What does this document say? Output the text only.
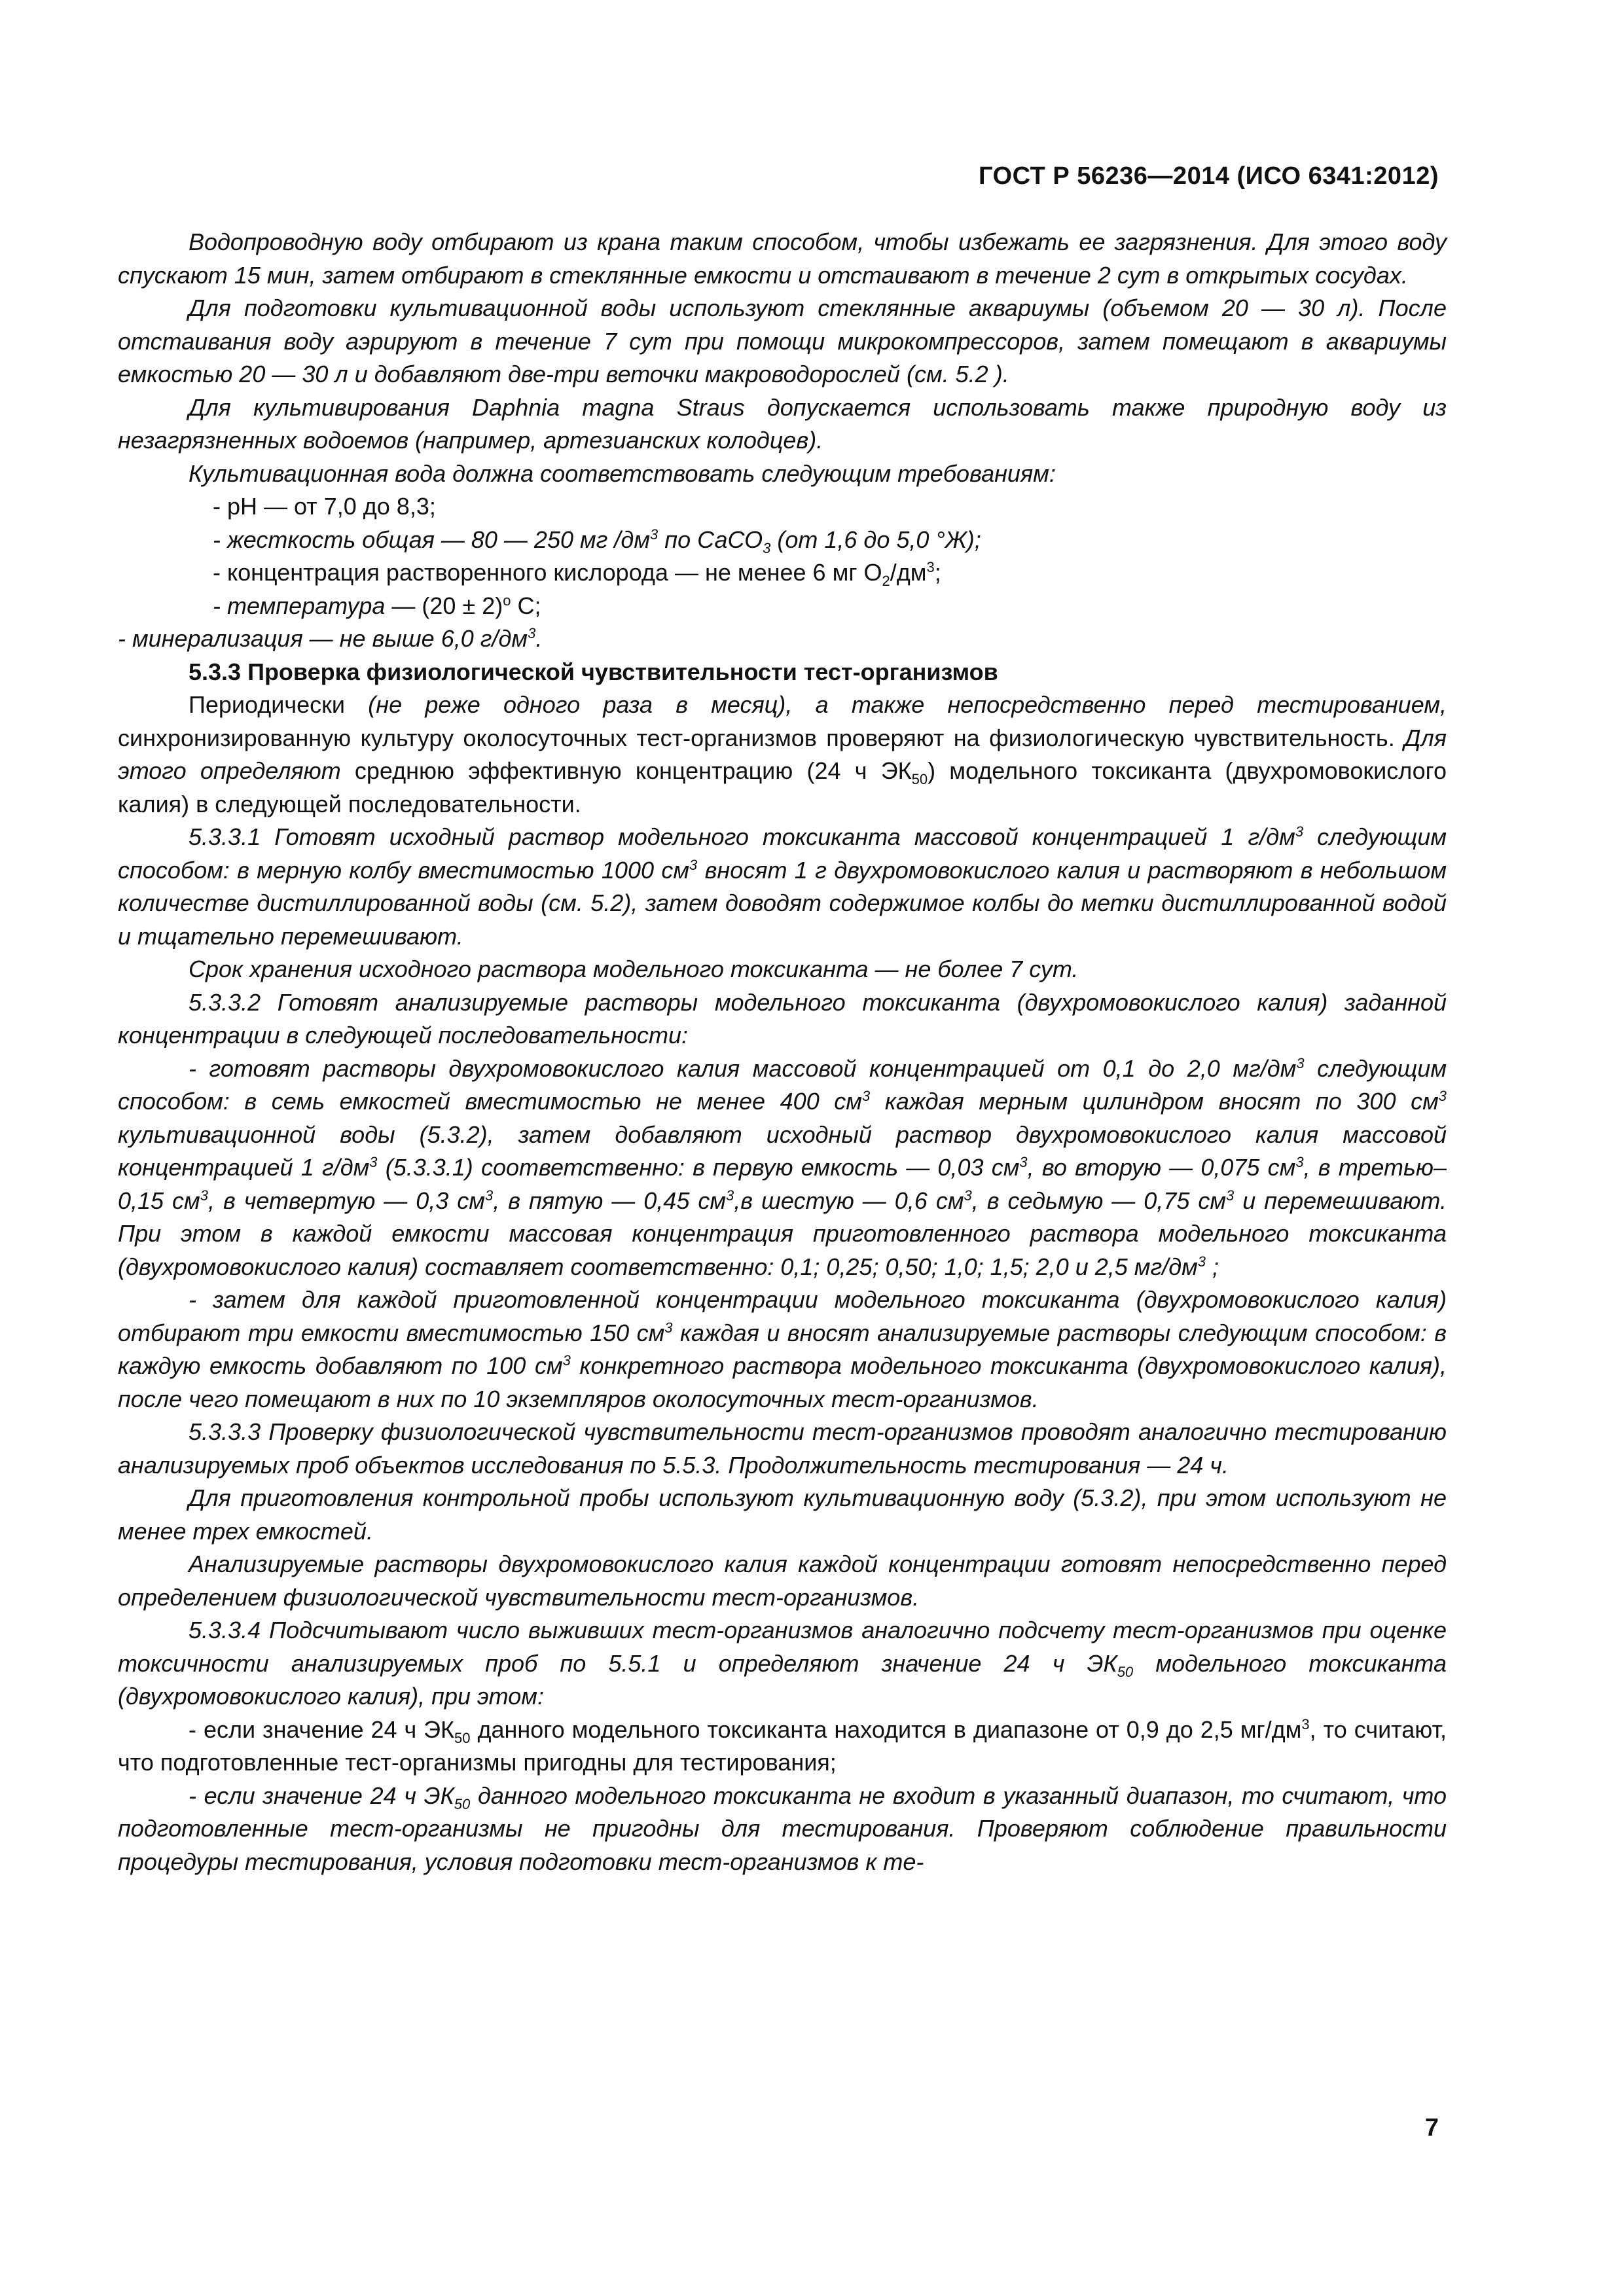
ГОСТ Р 56236—2014 (ИСО 6341:2012)

Водопроводную воду отбирают из крана таким способом, чтобы избежать ее загрязнения. Для этого воду спускают 15 мин, затем отбирают в стеклянные емкости и отстаивают в течение 2 сут в открытых сосудах.

Для подготовки культивационной воды используют стеклянные аквариумы (объемом 20 — 30 л). После отстаивания воду аэрируют в течение 7 сут при помощи микрокомпрессоров, затем помещают в аквариумы емкостью 20 — 30 л и добавляют две-три веточки макроводорослей (см. 5.2 ).

Для культивирования Daphnia magna Straus допускается использовать также природную воду из незагрязненных водоемов (например, артезианских колодцев).

Культивационная вода должна соответствовать следующим требованиям:

- pH — от 7,0 до 8,3;

- жесткость общая — 80 — 250 мг $/дм^3$ по СаСО$_3$ (от 1,6 до 5,0 °Ж);

- концентрация растворенного кислорода — не менее 6 мг $О_2/дм^3$;

- температура — $(20 \pm 2)^о$ С;

- минерализация — не выше 6,0 $г/дм^3$.

5.3.3 Проверка физиологической чувствительности тест-организмов

Периодически (не реже одного раза в месяц), а также непосредственно перед тестированием, синхронизированную культуру околосуточных тест-организмов проверяют на физиологическую чувствительность. Для этого определяют среднюю эффективную концентрацию (24 ч $ЭК_{50}$) модельного токсиканта (двухромовокислого калия) в следующей последовательности.

5.3.3.1 Готовят исходный раствор модельного токсиканта массовой концентрацией 1 $г/дм^3$ следующим способом: в мерную колбу вместимостью 1000 $см^3$ вносят 1 г двухромовокислого калия и растворяют в небольшом количестве дистиллированной воды (см. 5.2), затем доводят содержимое колбы до метки дистиллированной водой и тщательно перемешивают.

Срок хранения исходного раствора модельного токсиканта — не более 7 сут.

5.3.3.2 Готовят анализируемые растворы модельного токсиканта (двухромовокислого калия) заданной концентрации в следующей последовательности:

- готовят растворы двухромовокислого калия массовой концентрацией от 0,1 до 2,0 $мг/дм^3$ следующим способом: в семь емкостей вместимостью не менее 400 $см^3$ каждая мерным цилиндром вносят по 300 $см^3$ культивационной воды (5.3.2), затем добавляют исходный раствор двухромовокислого калия массовой концентрацией 1 $г/дм^3$ (5.3.3.1) соответственно: в первую емкость — 0,03 $см^3$, во вторую — 0,075 $см^3$, в третью– 0,15 $см^3$, в четвертую — 0,3 $см^3$, в пятую — 0,45 $см^3,в$ шестую — 0,6 $см^3$, в седьмую — 0,75 $см^3$ и перемешивают. При этом в каждой емкости массовая концентрация приготовленного раствора модельного токсиканта (двухромовокислого калия) составляет соответственно: 0,1; 0,25; 0,50; 1,0; 1,5; 2,0 и 2,5 $мг/дм^3$ ;

- затем для каждой приготовленной концентрации модельного токсиканта (двухромовокислого калия) отбирают три емкости вместимостью 150 $см^3$ каждая и вносят анализируемые растворы следующим способом: в каждую емкость добавляют по 100 $см^3$ конкретного раствора модельного токсиканта (двухромовокислого калия), после чего помещают в них по 10 экземпляров околосуточных тест-организмов.

5.3.3.3 Проверку физиологической чувствительности тест-организмов проводят аналогично тестированию анализируемых проб объектов исследования по 5.5.3. Продолжительность тестирования — 24 ч.

Для приготовления контрольной пробы используют культивационную воду (5.3.2), при этом используют не менее трех емкостей.

Анализируемые растворы двухромовокислого калия каждой концентрации готовят непосредственно перед определением физиологической чувствительности тест-организмов.

5.3.3.4 Подсчитывают число выживших тест-организмов аналогично подсчету тест-организмов при оценке токсичности анализируемых проб по 5.5.1 и определяют значение 24 ч $ЭК_{50}$ модельного токсиканта (двухромовокислого калия), при этом:

- если значение 24 ч $ЭК_{50}$ данного модельного токсиканта находится в диапазоне от 0,9 до 2,5 $мг/дм^3$, то считают, что подготовленные тест-организмы пригодны для тестирования;

- если значение 24 ч $ЭК_{50}$ данного модельного токсиканта не входит в указанный диапазон, то считают, что подготовленные тест-организмы не пригодны для тестирования. Проверяют соблюдение правильности процедуры тестирования, условия подготовки тест-организмов к те-

7
